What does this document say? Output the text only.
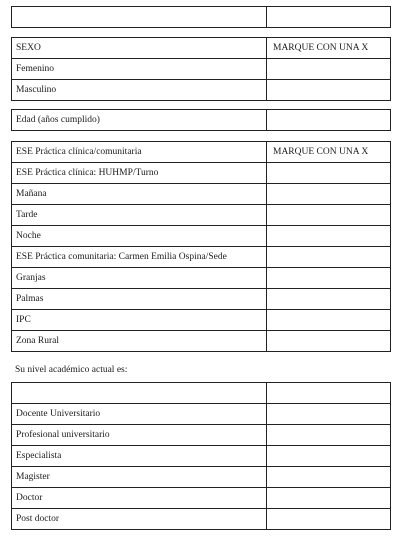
SEXO	MARQUE CON UNA X
Femenino	
Masculino	
Edad (años cumplido)	
ESE Práctica clínica/comunitaria	MARQUE CON UNA X
ESE Práctica clínica: HUHMP/Turno	
Mañana	
Tarde	
Noche	
ESE Práctica comunitaria: Carmen Emilia Ospina/Sede	
Granjas	
Palmas	
IPC	
Zona Rural	
Su nivel académico actual es:

Docente Universitario	
Profesional universitario	
Especialista	
Magister	
Doctor	
Post doctor	
